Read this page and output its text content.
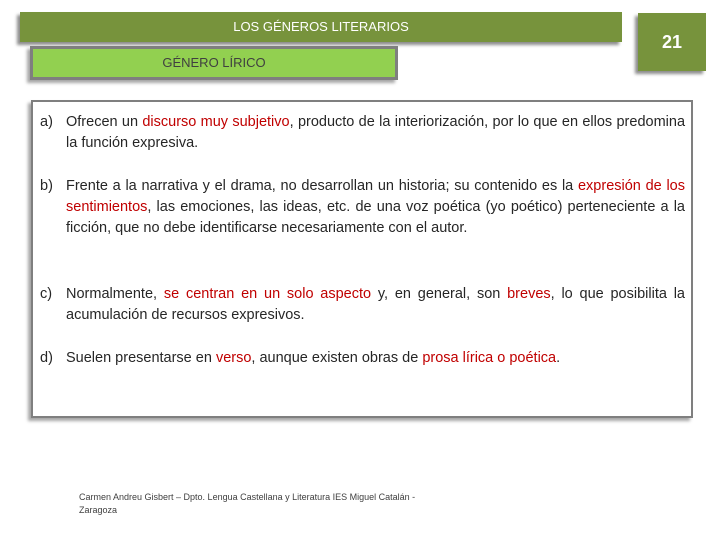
LOS GÉNEROS LITERARIOS
GÉNERO LÍRICO
21
a) Ofrecen un discurso muy subjetivo, producto de la interiorización, por lo que en ellos predomina la función expresiva.
b) Frente a la narrativa y el drama, no desarrollan un historia; su contenido es la expresión de los sentimientos, las emociones, las ideas, etc. de una voz poética (yo poético) perteneciente a la ficción, que no debe identificarse necesariamente con el autor.
c) Normalmente, se centran en un solo aspecto y, en general, son breves, lo que posibilita la acumulación de recursos expresivos.
d) Suelen presentarse en verso, aunque existen obras de prosa lírica o poética.
Carmen Andreu Gisbert – Dpto. Lengua Castellana y Literatura IES Miguel Catalán - Zaragoza
